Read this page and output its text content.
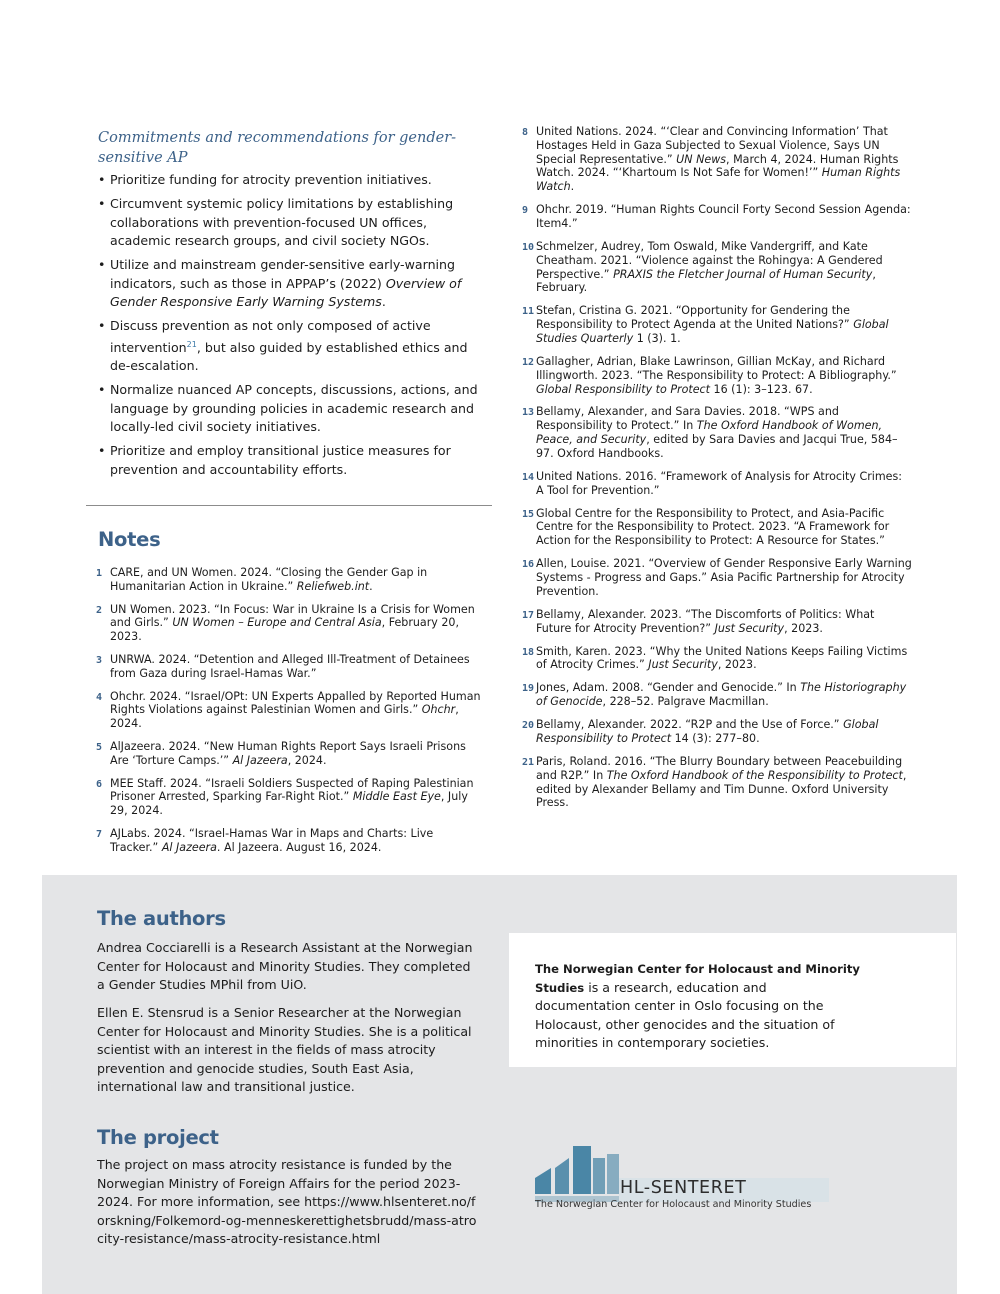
Commitments and recommendations for gender-sensitive AP
• Prioritize funding for atrocity prevention initiatives.
• Circumvent systemic policy limitations by establishing collaborations with prevention-focused UN offices, academic research groups, and civil society NGOs.
• Utilize and mainstream gender-sensitive early-warning indicators, such as those in APPAP’s (2022) Overview of Gender Responsive Early Warning Systems.
• Discuss prevention as not only composed of active intervention$^{21}$, but also guided by established ethics and de-escalation.
• Normalize nuanced AP concepts, discussions, actions, and language by grounding policies in academic research and locally-led civil society initiatives.
• Prioritize and employ transitional justice measures for prevention and accountability efforts.
Notes
1 CARE, and UN Women. 2024. “Closing the Gender Gap in Humanitarian Action in Ukraine.” Reliefweb.int.
2 UN Women. 2023. “In Focus: War in Ukraine Is a Crisis for Women and Girls.” UN Women – Europe and Central Asia, February 20, 2023.
3 UNRWA. 2024. “Detention and Alleged Ill-Treatment of Detainees from Gaza during Israel-Hamas War.”
4 Ohchr. 2024. “Israel/OPt: UN Experts Appalled by Reported Human Rights Violations against Palestinian Women and Girls.” Ohchr, 2024.
5 AlJazeera. 2024. “New Human Rights Report Says Israeli Prisons Are ‘Torture Camps.’” Al Jazeera, 2024.
6 MEE Staff. 2024. “Israeli Soldiers Suspected of Raping Palestinian Prisoner Arrested, Sparking Far-Right Riot.” Middle East Eye, July 29, 2024.
7 AJLabs. 2024. “Israel-Hamas War in Maps and Charts: Live Tracker.” Al Jazeera. Al Jazeera. August 16, 2024.
8 United Nations. 2024. “‘Clear and Convincing Information’ That Hostages Held in Gaza Subjected to Sexual Violence, Says UN Special Representative.” UN News, March 4, 2024. Human Rights Watch. 2024. “‘Khartoum Is Not Safe for Women!’” Human Rights Watch.
9 Ohchr. 2019. “Human Rights Council Forty Second Session Agenda: Item4.”
10 Schmelzer, Audrey, Tom Oswald, Mike Vandergriff, and Kate Cheatham. 2021. “Violence against the Rohingya: A Gendered Perspective.” PRAXIS the Fletcher Journal of Human Security, February.
11 Stefan, Cristina G. 2021. “Opportunity for Gendering the Responsibility to Protect Agenda at the United Nations?” Global Studies Quarterly 1 (3). 1.
12 Gallagher, Adrian, Blake Lawrinson, Gillian McKay, and Richard Illingworth. 2023. “The Responsibility to Protect: A Bibliography.” Global Responsibility to Protect 16 (1): 3–123. 67.
13 Bellamy, Alexander, and Sara Davies. 2018. “WPS and Responsibility to Protect.” In The Oxford Handbook of Women, Peace, and Security, edited by Sara Davies and Jacqui True, 584–97. Oxford Handbooks.
14 United Nations. 2016. “Framework of Analysis for Atrocity Crimes: A Tool for Prevention.”
15 Global Centre for the Responsibility to Protect, and Asia-Pacific Centre for the Responsibility to Protect. 2023. “A Framework for Action for the Responsibility to Protect: A Resource for States.”
16 Allen, Louise. 2021. “Overview of Gender Responsive Early Warning Systems - Progress and Gaps.” Asia Pacific Partnership for Atrocity Prevention.
17 Bellamy, Alexander. 2023. “The Discomforts of Politics: What Future for Atrocity Prevention?” Just Security, 2023.
18 Smith, Karen. 2023. “Why the United Nations Keeps Failing Victims of Atrocity Crimes.” Just Security, 2023.
19 Jones, Adam. 2008. “Gender and Genocide.” In The Historiography of Genocide, 228–52. Palgrave Macmillan.
20 Bellamy, Alexander. 2022. “R2P and the Use of Force.” Global Responsibility to Protect 14 (3): 277–80.
21 Paris, Roland. 2016. “The Blurry Boundary between Peacebuilding and R2P.” In The Oxford Handbook of the Responsibility to Protect, edited by Alexander Bellamy and Tim Dunne. Oxford University Press.
The authors

Andrea Cocciarelli is a Research Assistant at the Norwegian Center for Holocaust and Minority Studies. They completed a Gender Studies MPhil from UiO.

Ellen E. Stensrud is a Senior Researcher at the Norwegian Center for Holocaust and Minority Studies. She is a political scientist with an interest in the fields of mass atrocity prevention and genocide studies, South East Asia, international law and transitional justice.

The project

The project on mass atrocity resistance is funded by the Norwegian Ministry of Foreign Affairs for the period 2023-2024. For more information, see https://www.hlsenteret.no/forskning/Folkemord-og-menneskerettighetsbrudd/mass-atrocity-resistance/mass-atrocity-resistance.html

The Norwegian Center for Holocaust and Minority Studies is a research, education and documentation center in Oslo focusing on the Holocaust, other genocides and the situation of minorities in contemporary societies.

HL-SENTERET
The Norwegian Center for Holocaust and Minority Studies
